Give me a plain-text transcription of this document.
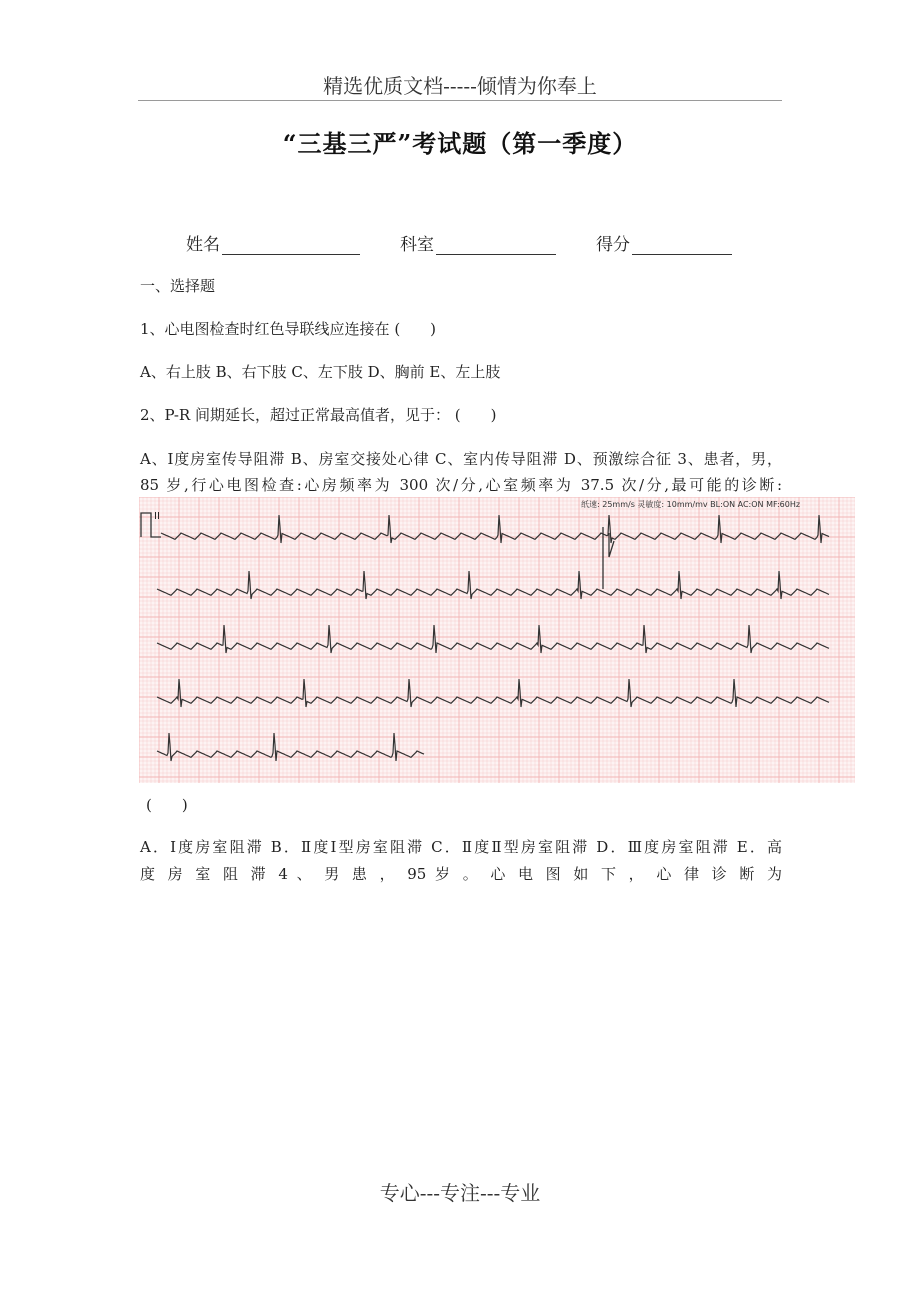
精选优质文档-----倾情为你奉上
“三基三严”考试题（第一季度）
姓名	科室	得分
一、选择题
1、心电图检查时红色导联线应连接在 (　　)
A、右上肢 B、右下肢 C、左下肢 D、胸前 E、左上肢
2、P-R 间期延长，超过正常最高值者，见于： (　　)
A、Ⅰ度房室传导阻滞 B、房室交接处心律 C、室内传导阻滞 D、预激综合征 3、患者，男，
85 岁,行心电图检查:心房频率为 300 次/分,心室频率为 37.5 次/分,最可能的诊断:
II
纸速: 25mm/s 灵敏度: 10mm/mv BL:ON AC:ON MF:60Hz
(　　)
A．Ⅰ度房室阻滞 B．Ⅱ度Ⅰ型房室阻滞 C．Ⅱ度Ⅱ型房室阻滞 D．Ⅲ度房室阻滞 E．高
度 房 室 阻 滞 4 、 男 患 ， 95 岁 。 心 电 图 如 下 ， 心 律 诊 断 为
专心---专注---专业
